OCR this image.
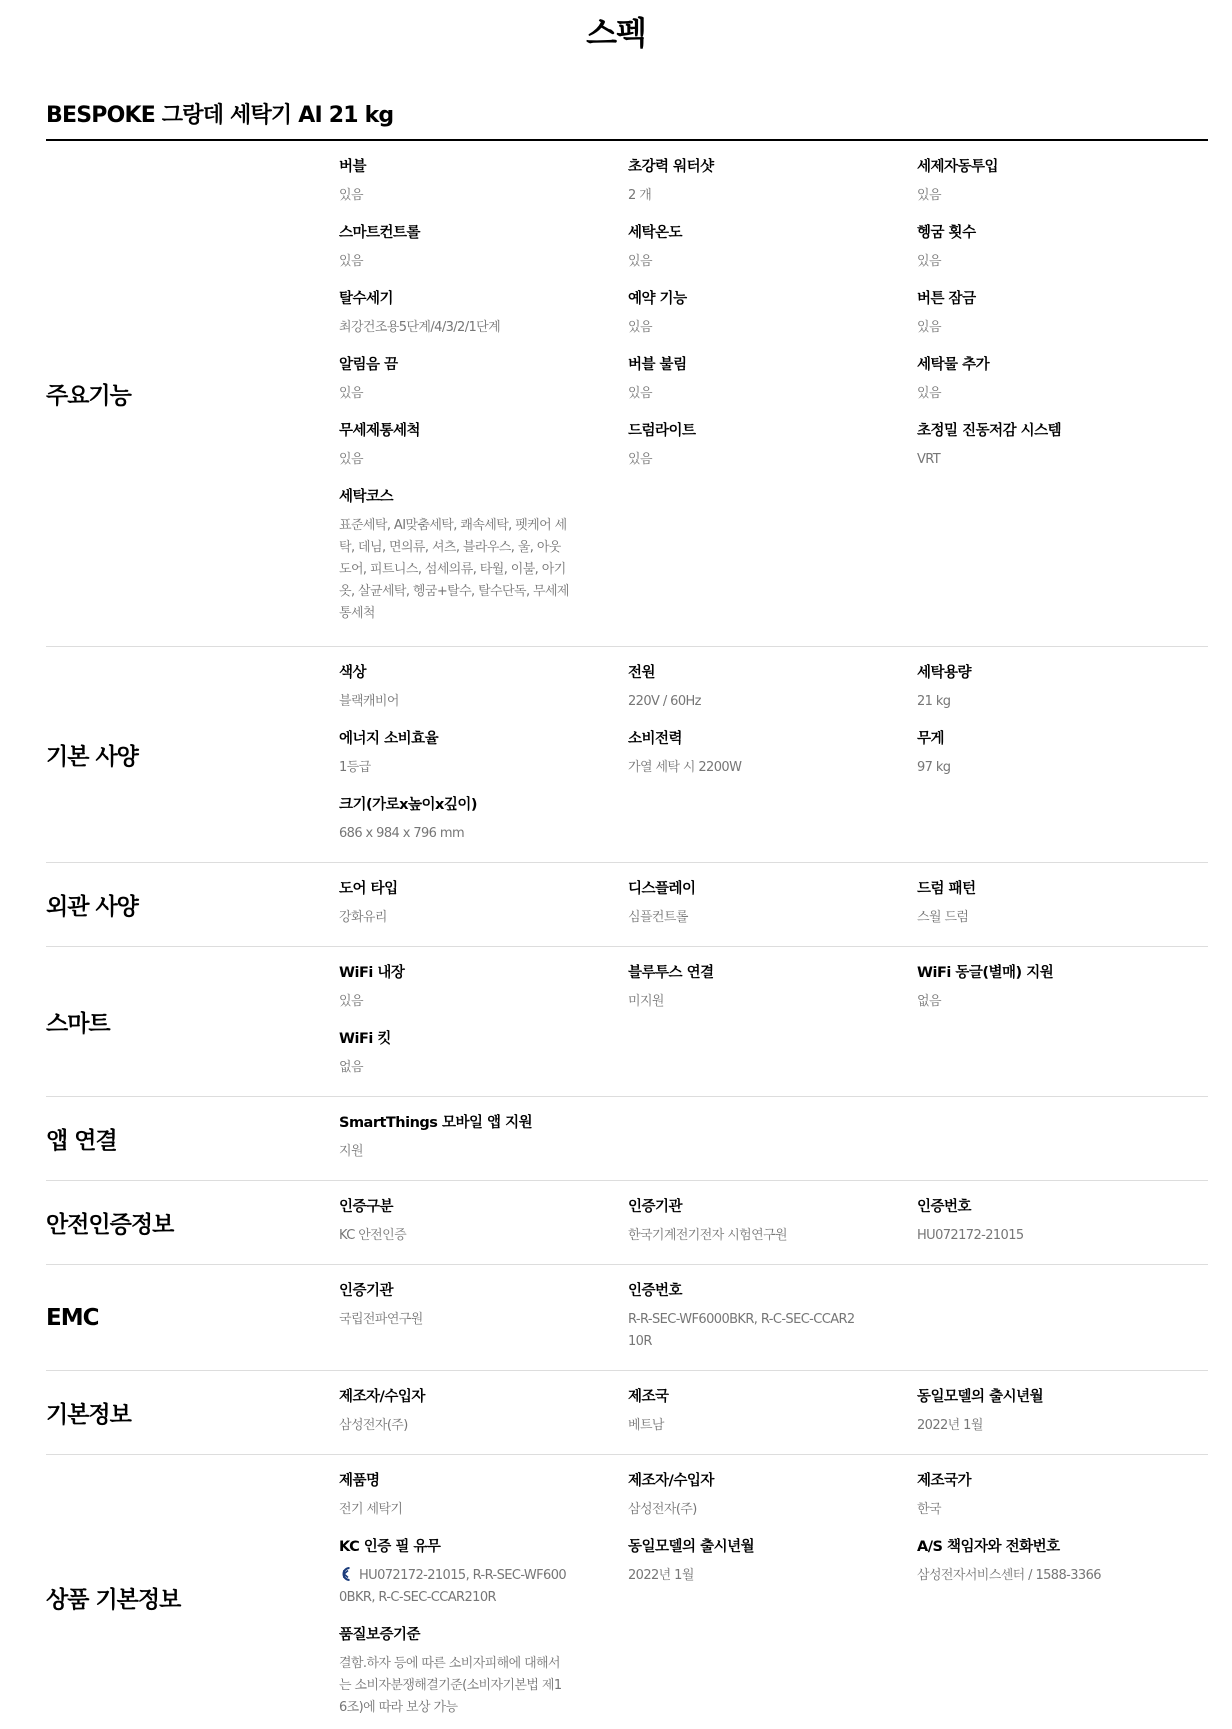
스펙
BESPOKE 그랑데 세탁기 AI 21 kg
주요기능
버블
있음
초강력 워터샷
2 개
세제자동투입
있음
스마트컨트롤
있음
세탁온도
있음
헹굼 횟수
있음
탈수세기
최강건조용5단계/4/3/2/1단계
예약 기능
있음
버튼 잠금
있음
알림음 끔
있음
버블 불림
있음
세탁물 추가
있음
무세제통세척
있음
드럼라이트
있음
초정밀 진동저감 시스템
VRT
세탁코스
표준세탁, AI맞춤세탁, 쾌속세탁, 펫케어 세탁, 데님, 면의류, 셔츠, 블라우스, 울, 아웃도어, 피트니스, 섬세의류, 타월, 이불, 아기옷, 살균세탁, 헹굼+탈수, 탈수단독, 무세제통세척
기본 사양
색상
블랙캐비어
전원
220V / 60Hz
세탁용량
21 kg
에너지 소비효율
1등급
소비전력
가열 세탁 시 2200W
무게
97 kg
크기(가로x높이x깊이)
686 x 984 x 796 mm
외관 사양
도어 타입
강화유리
디스플레이
심플컨트롤
드럼 패턴
스월 드럼
스마트
WiFi 내장
있음
블루투스 연결
미지원
WiFi 동글(별매) 지원
없음
WiFi 킷
없음
앱 연결
SmartThings 모바일 앱 지원
지원
안전인증정보
인증구분
KC 안전인증
인증기관
한국기계전기전자 시험연구원
인증번호
HU072172-21015
EMC
인증기관
국립전파연구원
인증번호
R-R-SEC-WF6000BKR, R-C-SEC-CCAR210R
기본정보
제조자/수입자
삼성전자(주)
제조국
베트남
동일모델의 출시년월
2022년 1월
상품 기본정보
제품명
전기 세탁기
제조자/수입자
삼성전자(주)
제조국가
한국
KC 인증 필 유무
HU072172-21015, R-R-SEC-WF6000BKR, R-C-SEC-CCAR210R
동일모델의 출시년월
2022년 1월
A/S 책임자와 전화번호
삼성전자서비스센터 / 1588-3366
품질보증기준
결함.하자 등에 따른 소비자피해에 대해서는 소비자분쟁해결기준(소비자기본법 제16조)에 따라 보상 가능
